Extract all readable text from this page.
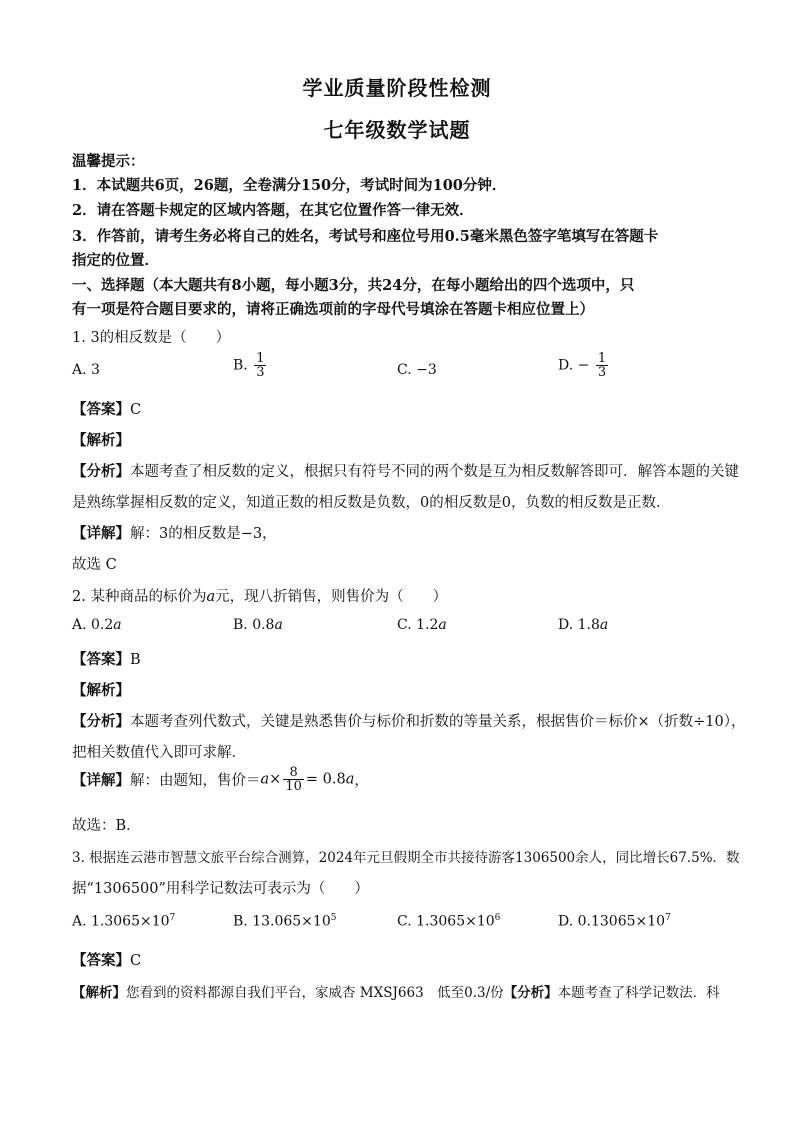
学业质量阶段性检测
七年级数学试题
温馨提示：
1．本试题共6页，26题，全卷满分150分，考试时间为100分钟．
2．请在答题卡规定的区域内答题，在其它位置作答一律无效．
3．作答前，请考生务必将自己的姓名，考试号和座位号用0.5毫米黑色签字笔填写在答题卡
指定的位置．
一、选择题（本大题共有8小题，每小题3分，共24分，在每小题给出的四个选项中，只
有一项是符合题目要求的，请将正确选项前的字母代号填涂在答题卡相应位置上）
1. 3的相反数是（　　）
A. 3	B. $\frac{1}{3}$	C. −3	D. − $\frac{1}{3}$
【答案】C
【解析】
【分析】本题考查了相反数的定义，根据只有符号不同的两个数是互为相反数解答即可．解答本题的关键
是熟练掌握相反数的定义，知道正数的相反数是负数，0的相反数是0，负数的相反数是正数．
【详解】解：3的相反数是−3，
故选 C
2. 某种商品的标价为a元，现八折销售，则售价为（　　）
A. 0.2a	B. 0.8a	C. 1.2a	D. 1.8a
【答案】B
【解析】
【分析】本题考查列代数式，关键是熟悉售价与标价和折数的等量关系，根据售价＝标价×（折数÷10），
把相关数值代入即可求解．
【详解】解：由题知，售价$=a\times \frac{8}{10} = 0.8a$，
故选：B．
3. 根据连云港市智慧文旅平台综合测算，2024年元旦假期全市共接待游客1306500余人，同比增长67.5%．数
据“1306500”用科学记数法可表示为（　　）
A. $1.3065\times 10^7$	B. $13.065\times 10^5$	C. $1.3065\times 10^6$	D. $0.13065\times 10^7$
【答案】C
【解析】您看到的资料都源自我们平台，家威杏 MXSJ663　低至0.3/份【分析】本题考查了科学记数法．科
